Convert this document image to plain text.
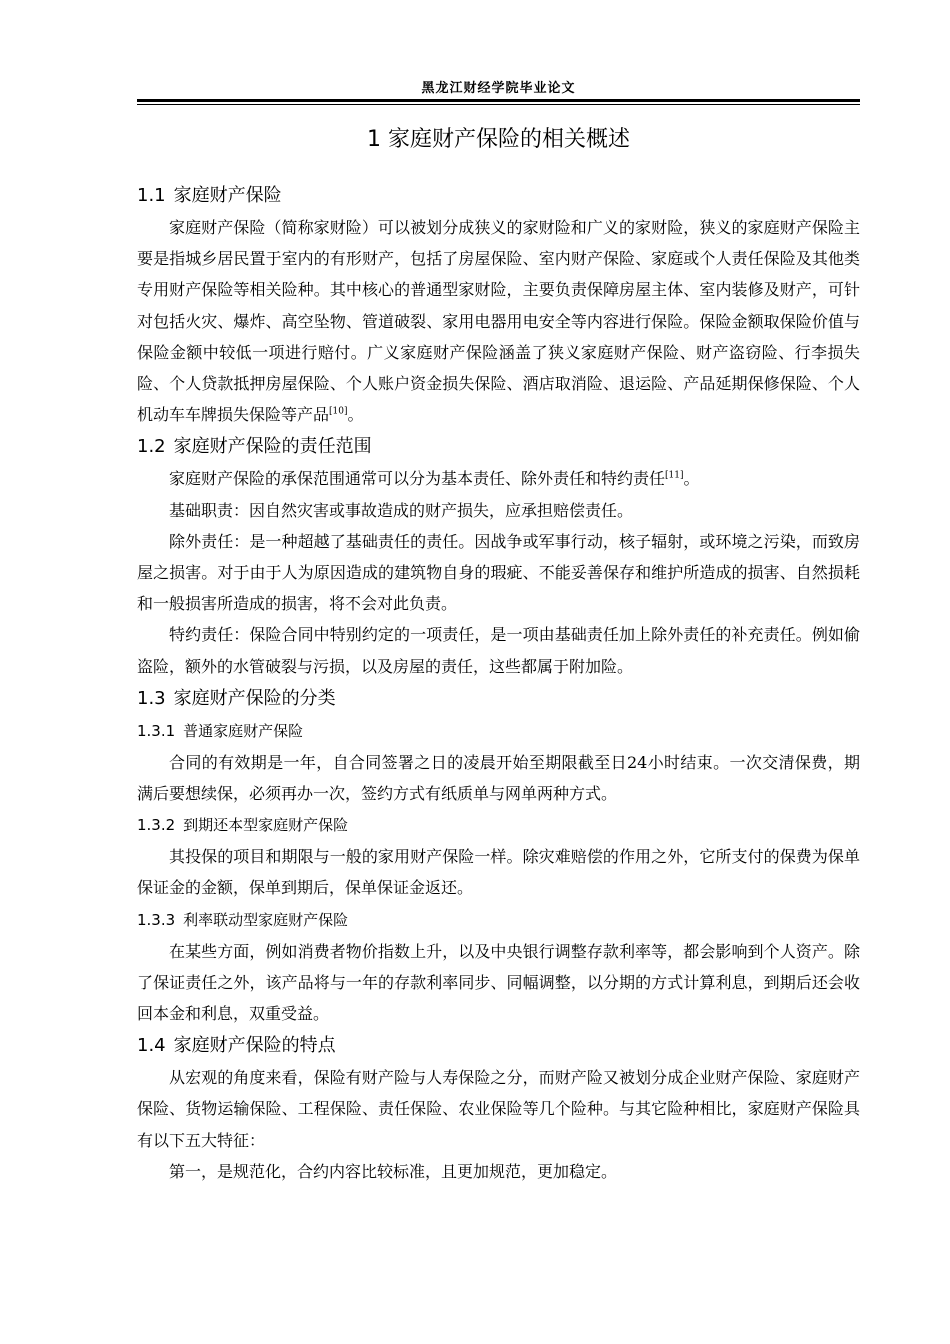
黑龙江财经学院毕业论文
1 家庭财产保险的相关概述
1.1 家庭财产保险
家庭财产保险（简称家财险）可以被划分成狭义的家财险和广义的家财险，狭义的家庭财产保险主要是指城乡居民置于室内的有形财产，包括了房屋保险、室内财产保险、家庭或个人责任保险及其他类专用财产保险等相关险种。其中核心的普通型家财险，主要负责保障房屋主体、室内装修及财产，可针对包括火灾、爆炸、高空坠物、管道破裂、家用电器用电安全等内容进行保险。保险金额取保险价值与保险金额中较低一项进行赔付。广义家庭财产保险涵盖了狭义家庭财产保险、财产盗窃险、行李损失险、个人贷款抵押房屋保险、个人账户资金损失保险、酒店取消险、退运险、产品延期保修保险、个人机动车车牌损失保险等产品[10]。
1.2 家庭财产保险的责任范围
家庭财产保险的承保范围通常可以分为基本责任、除外责任和特约责任[11]。
基础职责：因自然灾害或事故造成的财产损失，应承担赔偿责任。
除外责任：是一种超越了基础责任的责任。因战争或军事行动，核子辐射，或环境之污染，而致房屋之损害。对于由于人为原因造成的建筑物自身的瑕疵、不能妥善保存和维护所造成的损害、自然损耗和一般损害所造成的损害，将不会对此负责。
特约责任：保险合同中特别约定的一项责任，是一项由基础责任加上除外责任的补充责任。例如偷盗险，额外的水管破裂与污损，以及房屋的责任，这些都属于附加险。
1.3 家庭财产保险的分类
1.3.1 普通家庭财产保险
合同的有效期是一年，自合同签署之日的凌晨开始至期限截至日24小时结束。一次交清保费，期满后要想续保，必须再办一次，签约方式有纸质单与网单两种方式。
1.3.2 到期还本型家庭财产保险
其投保的项目和期限与一般的家用财产保险一样。除灾难赔偿的作用之外，它所支付的保费为保单保证金的金额，保单到期后，保单保证金返还。
1.3.3 利率联动型家庭财产保险
在某些方面，例如消费者物价指数上升，以及中央银行调整存款利率等，都会影响到个人资产。除了保证责任之外，该产品将与一年的存款利率同步、同幅调整，以分期的方式计算利息，到期后还会收回本金和利息，双重受益。
1.4 家庭财产保险的特点
从宏观的角度来看，保险有财产险与人寿保险之分，而财产险又被划分成企业财产保险、家庭财产保险、货物运输保险、工程保险、责任保险、农业保险等几个险种。与其它险种相比，家庭财产保险具有以下五大特征：
第一，是规范化，合约内容比较标准，且更加规范，更加稳定。
